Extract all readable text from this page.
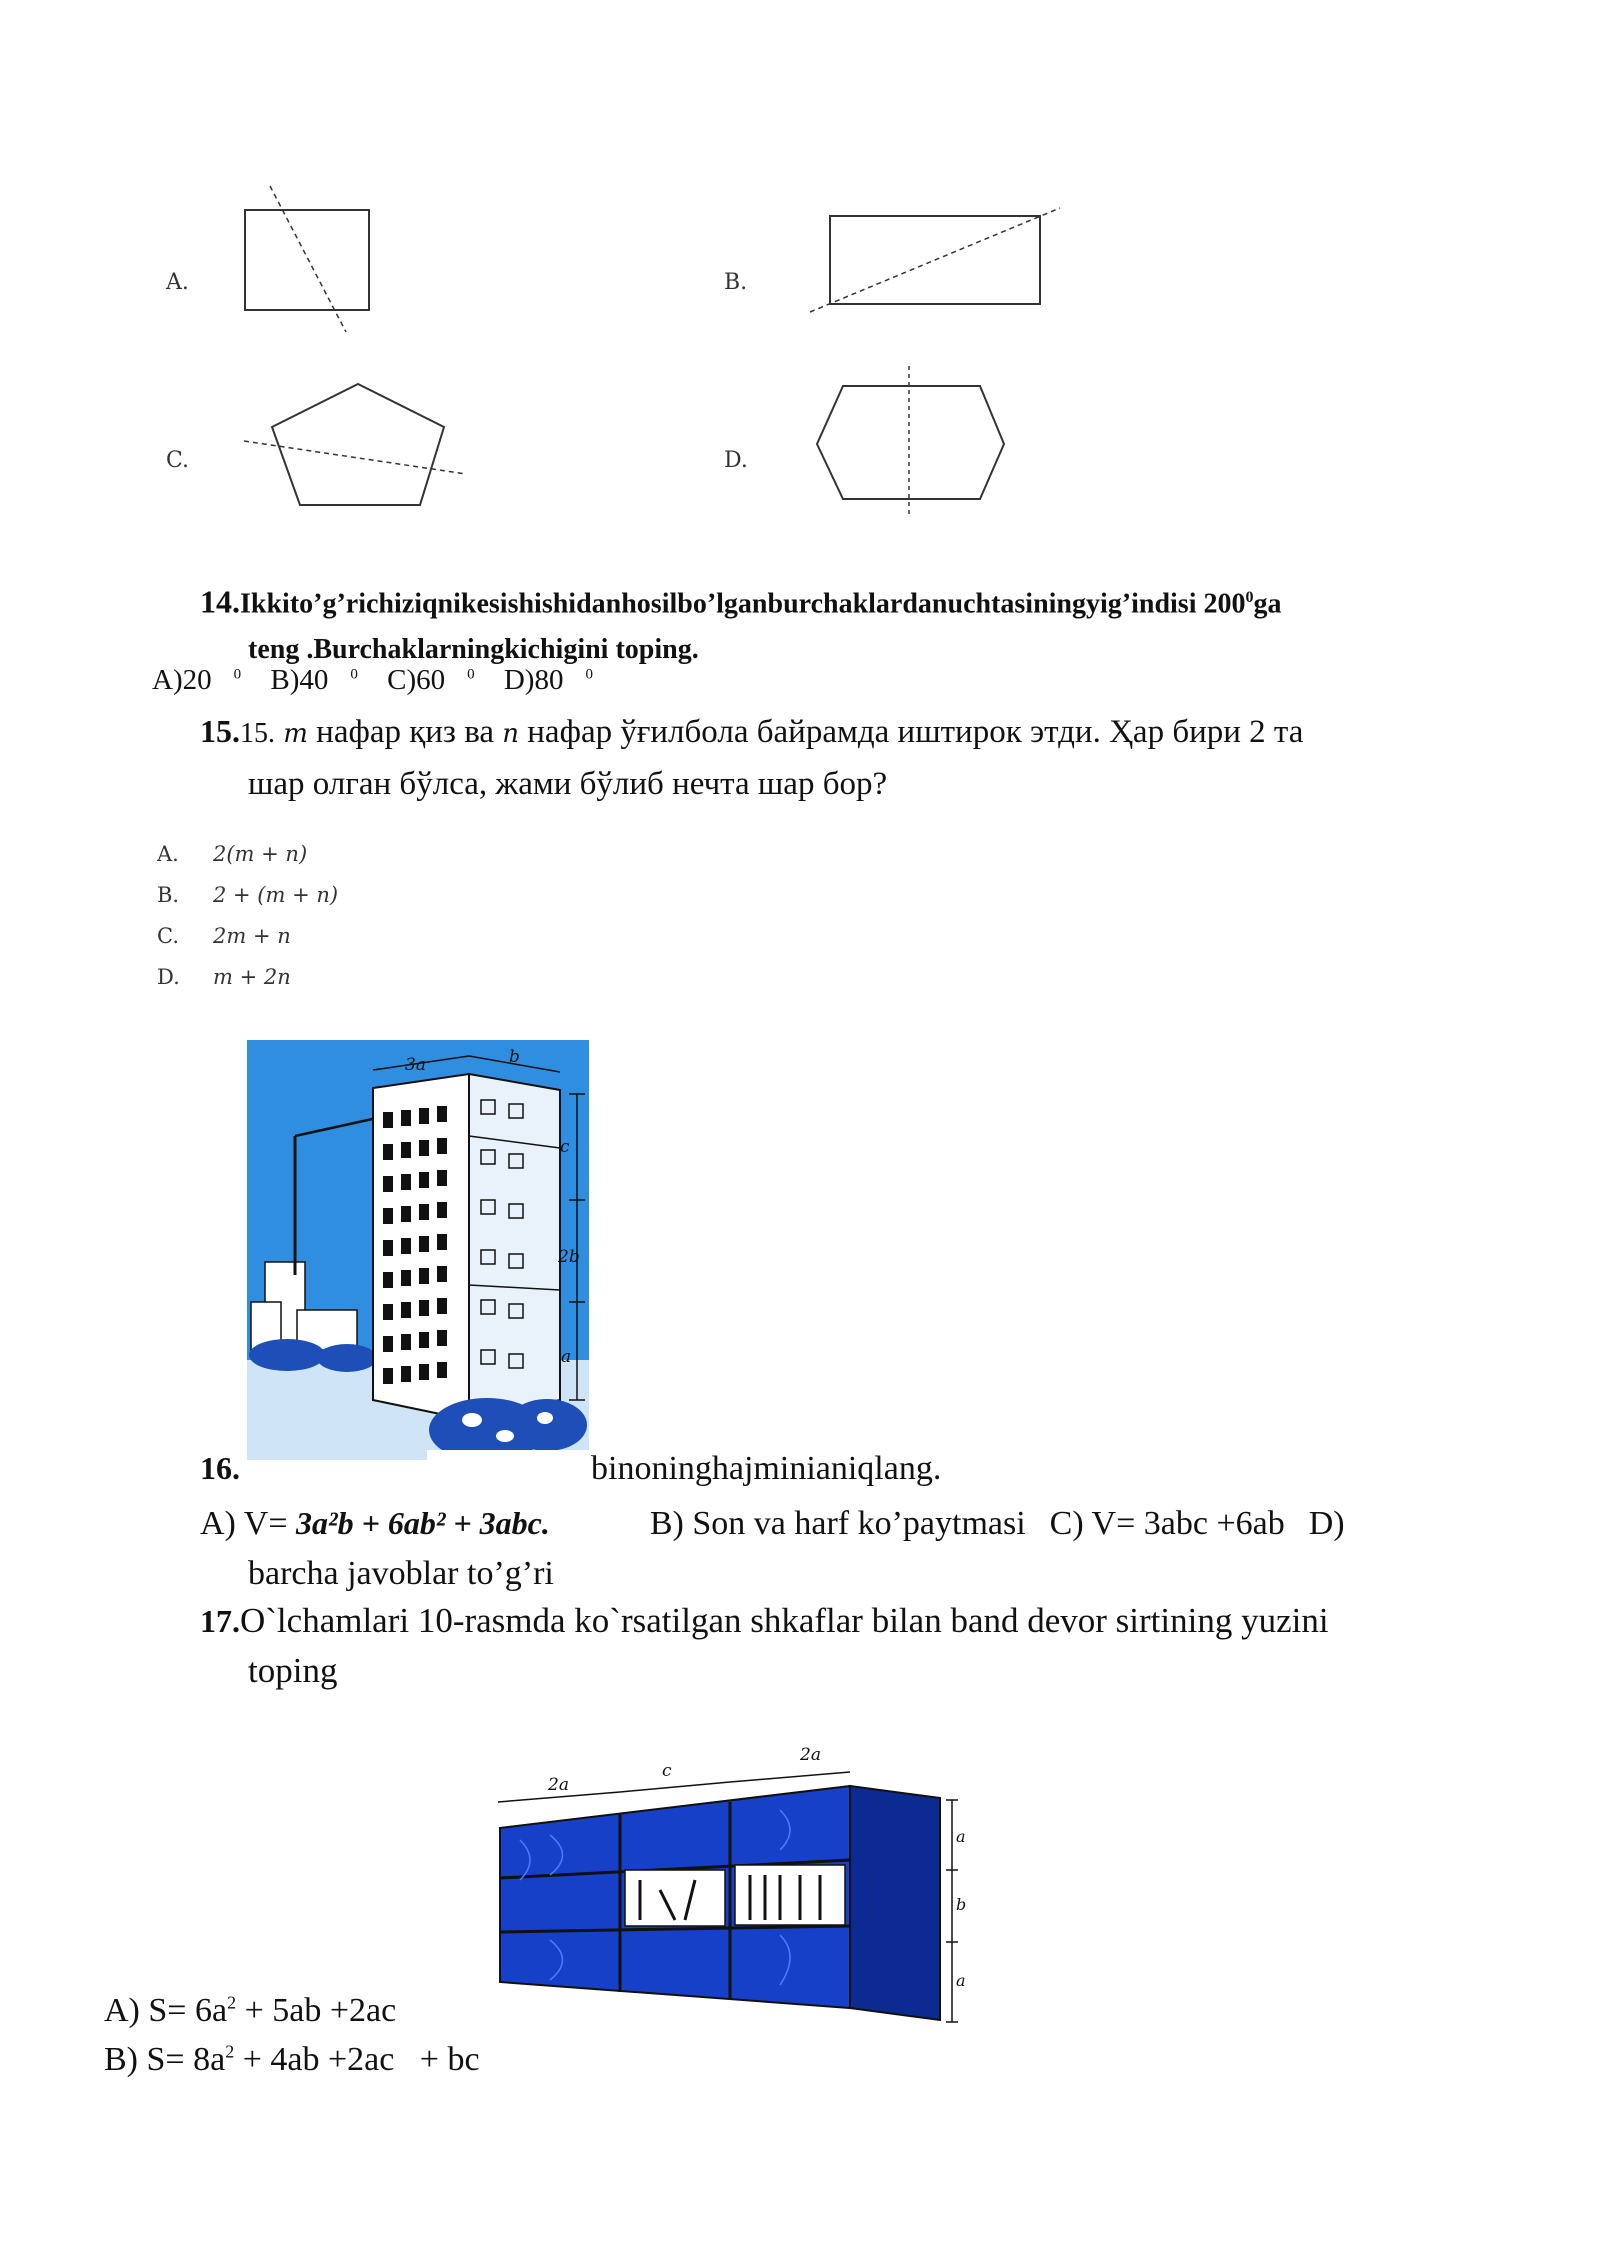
A.	B.
C.	D.
14.Ikkito’g’richiziqnikesishishidanhosilbo’lganburchaklardanuchtasiningyig’indisi $200^0ga$
teng .Burchaklarningkichigini toping.
A)20 $^0$ B)40 $^0$ C)60 $^0$ D)80 $^0$
15.15. m нафар қиз ва n нафар ўғилбола байрамда иштирок этди. Ҳар бири 2 та
шар олган бўлса, жами бўлиб нечта шар бор?
A. 2(m + n)
B. 2 + (m + n)
C. 2m + n
D. m + 2n
3a	b
c
2b
a
16.	binoninghajminianiqlang.
A) V= 3a²b + 6ab² + 3abc.	B) Son va harf ko’paytmasi C) V= 3abc +6ab D)
barcha javoblar to’g’ri
17.O`lchamlari 10-rasmda ko`rsatilgan shkaflar bilan band devor sirtining yuzini
toping
2a
c
2a
a
b
a
A) $S= 6a^2 + 5ab +2ac$
B) $S= 8a^2 + 4ab +2ac$   + bc
